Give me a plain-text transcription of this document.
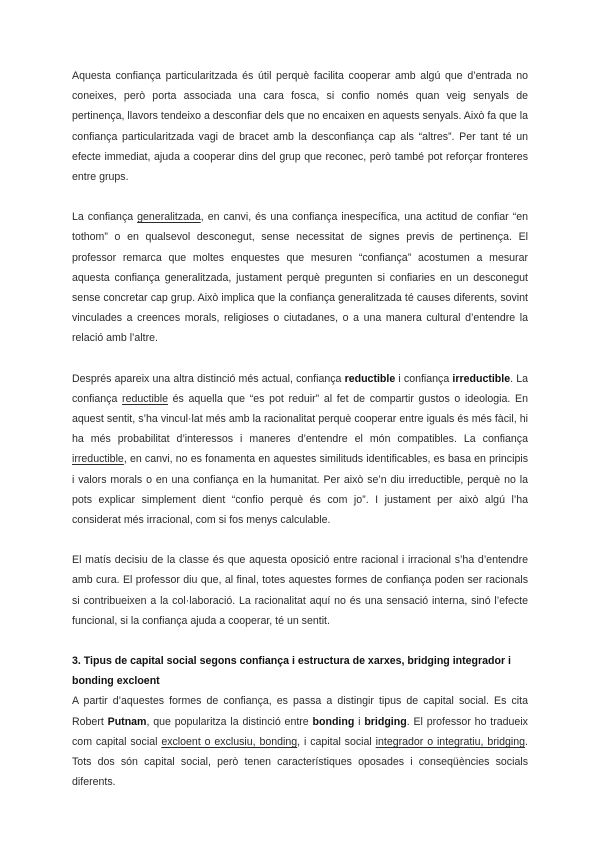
Aquesta confiança particularitzada és útil perquè facilita cooperar amb algú que d’entrada no coneixes, però porta associada una cara fosca, si confio només quan veig senyals de pertinença, llavors tendeixo a desconfiar dels que no encaixen en aquests senyals. Això fa que la confiança particularitzada vagi de bracet amb la desconfiança cap als “altres”. Per tant té un efecte immediat, ajuda a cooperar dins del grup que reconec, però també pot reforçar fronteres entre grups.

La confiança generalitzada, en canvi, és una confiança inespecífica, una actitud de confiar “en tothom” o en qualsevol desconegut, sense necessitat de signes previs de pertinença. El professor remarca que moltes enquestes que mesuren “confiança” acostumen a mesurar aquesta confiança generalitzada, justament perquè pregunten si confiaries en un desconegut sense concretar cap grup. Això implica que la confiança generalitzada té causes diferents, sovint vinculades a creences morals, religioses o ciutadanes, o a una manera cultural d’entendre la relació amb l’altre.

Després apareix una altra distinció més actual, confiança reductible i confiança irreductible. La confiança reductible és aquella que “es pot reduir” al fet de compartir gustos o ideologia. En aquest sentit, s’ha vincul·lat més amb la racionalitat perquè cooperar entre iguals és més fàcil, hi ha més probabilitat d’interessos i maneres d’entendre el món compatibles. La confiança irreductible, en canvi, no es fonamenta en aquestes similituds identificables, es basa en principis i valors morals o en una confiança en la humanitat. Per això se’n diu irreductible, perquè no la pots explicar simplement dient “confio perquè és com jo”. I justament per això algú l’ha considerat més irracional, com si fos menys calculable.

El matís decisiu de la classe és que aquesta oposició entre racional i irracional s’ha d’entendre amb cura. El professor diu que, al final, totes aquestes formes de confiança poden ser racionals si contribueixen a la col·laboració. La racionalitat aquí no és una sensació interna, sinó l’efecte funcional, si la confiança ajuda a cooperar, té un sentit.

3. Tipus de capital social segons confiança i estructura de xarxes, bridging integrador i bonding excloent

A partir d’aquestes formes de confiança, es passa a distingir tipus de capital social. Es cita Robert Putnam, que popularitza la distinció entre bonding i bridging. El professor ho tradueix com capital social excloent o exclusiu, bonding, i capital social integrador o integratiu, bridging. Tots dos són capital social, però tenen característiques oposades i conseqüències socials diferents.
